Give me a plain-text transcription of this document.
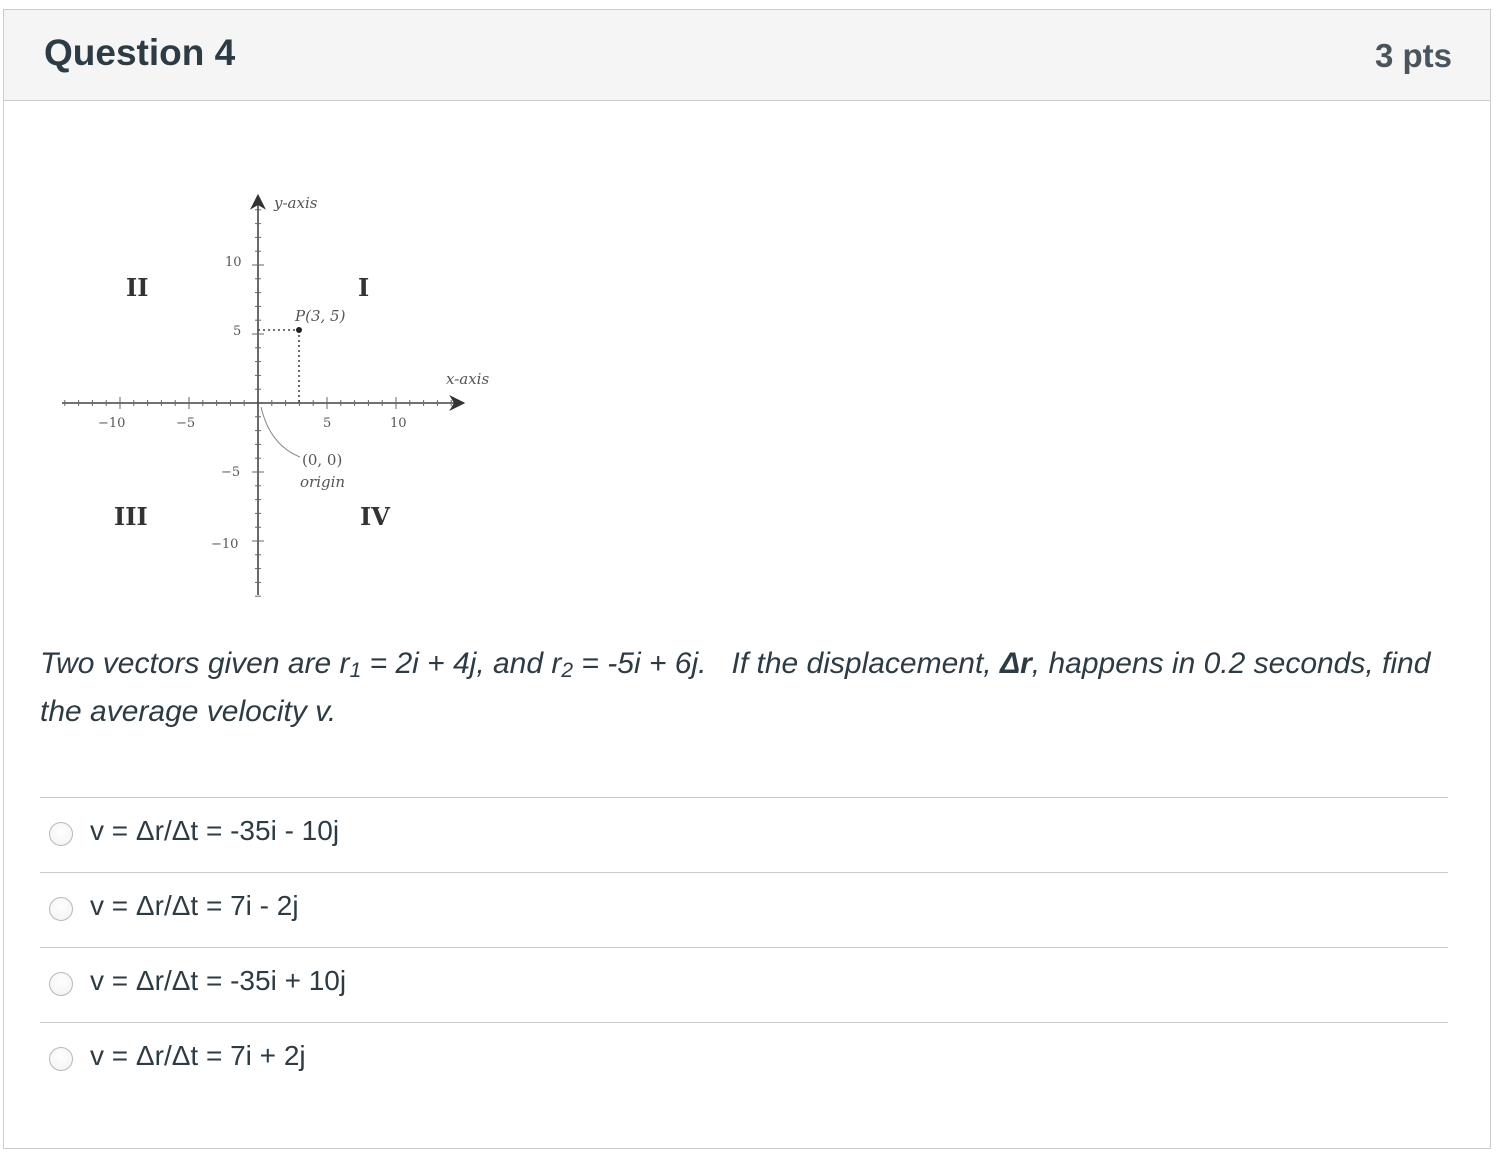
Question 4	3 pts
y-axis
x-axis
I
II
III	IV
−10	−5	5	10
10
5
−5
−10
P(3, 5)
(0, 0)
origin
Two vectors given are $r_1 = 2i + 4j$, and $r_2 = -5i + 6j$.   If the displacement, Δr, happens in 0.2 seconds, find the average velocity v.
v = Δr/Δt = -35i - 10j
v = Δr/Δt = 7i - 2j
v = Δr/Δt = -35i + 10j
v = Δr/Δt = 7i + 2j
